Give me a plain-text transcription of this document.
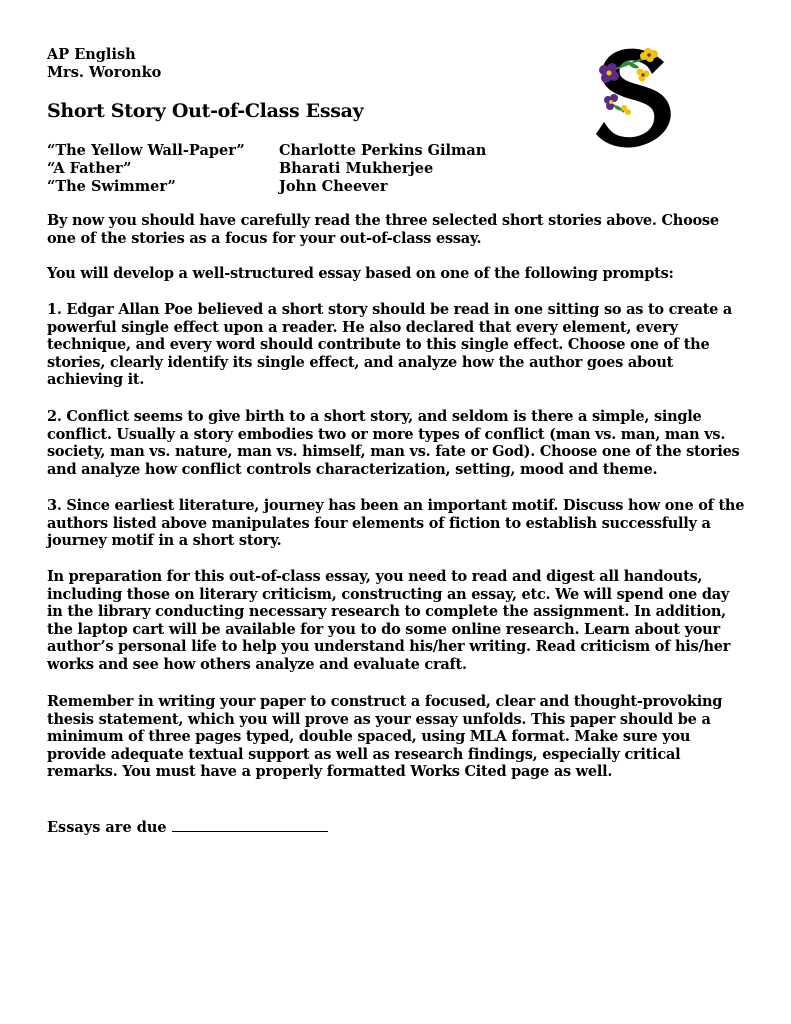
AP English
Mrs. Woronko
Short Story Out-of-Class Essay
“The Yellow Wall-Paper” Charlotte Perkins Gilman
“A Father”	Bharati Mukherjee
“The Swimmer”	John Cheever

By now you should have carefully read the three selected short stories above. Choose one of the stories as a focus for your out-of-class essay.

You will develop a well-structured essay based on one of the following prompts:

1. Edgar Allan Poe believed a short story should be read in one sitting so as to create a powerful single effect upon a reader. He also declared that every element, every technique, and every word should contribute to this single effect. Choose one of the stories, clearly identify its single effect, and analyze how the author goes about achieving it.

2. Conflict seems to give birth to a short story, and seldom is there a simple, single conflict. Usually a story embodies two or more types of conflict (man vs. man, man vs. society, man vs. nature, man vs. himself, man vs. fate or God). Choose one of the stories and analyze how conflict controls characterization, setting, mood and theme.

3. Since earliest literature, journey has been an important motif. Discuss how one of the authors listed above manipulates four elements of fiction to establish successfully a journey motif in a short story.

In preparation for this out-of-class essay, you need to read and digest all handouts, including those on literary criticism, constructing an essay, etc. We will spend one day in the library conducting necessary research to complete the assignment. In addition, the laptop cart will be available for you to do some online research. Learn about your author’s personal life to help you understand his/her writing. Read criticism of his/her works and see how others analyze and evaluate craft.

Remember in writing your paper to construct a focused, clear and thought-provoking thesis statement, which you will prove as your essay unfolds. This paper should be a minimum of three pages typed, double spaced, using MLA format. Make sure you provide adequate textual support as well as research findings, especially critical remarks. You must have a properly formatted Works Cited page as well.

Essays are due
